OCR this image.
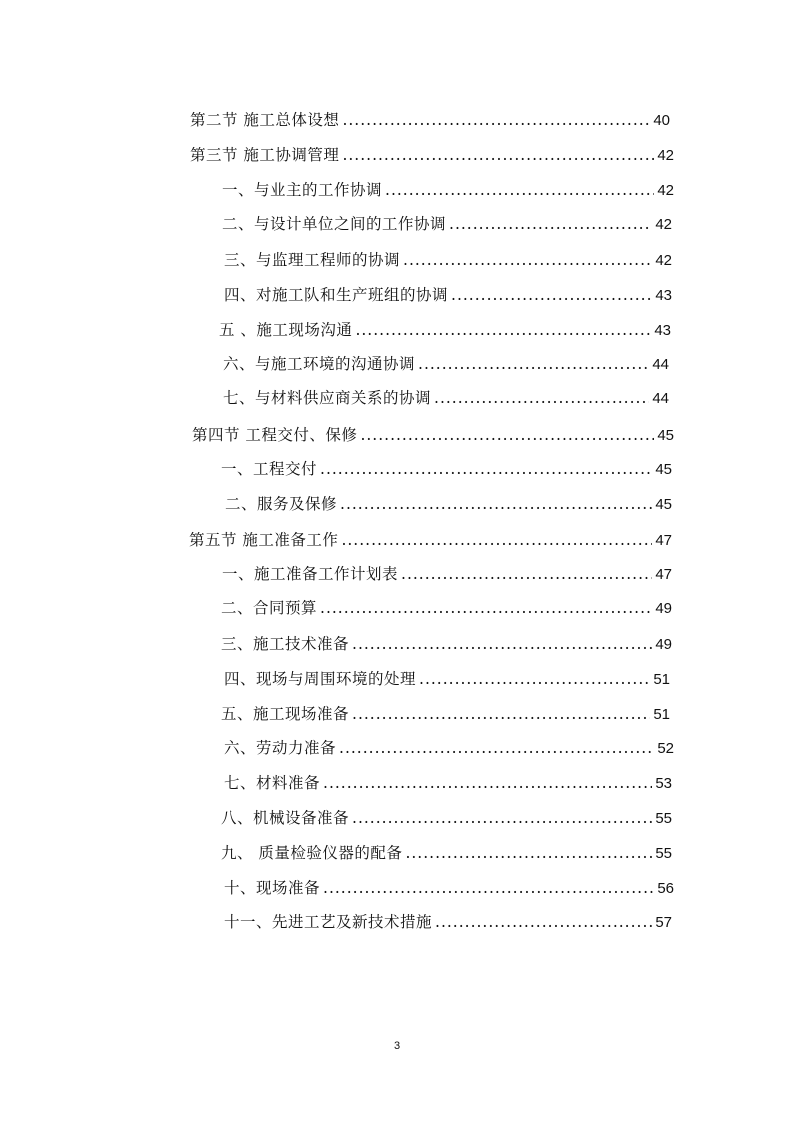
第二节 施工总体设想 .....	40
第三节 施工协调管理 .....	42
一、与业主的工作协调 .....	42
二、与设计单位之间的工作协调 .....	42
三、与监理工程师的协调 .....	42
四、对施工队和生产班组的协调 .....	43
五 、施工现场沟通 .....	43
六、与施工环境的沟通协调 .....	44
七、与材料供应商关系的协调 .....	44
第四节 工程交付、保修 .....	45
一、工程交付 .....	45
二、服务及保修 .....	45
第五节 施工准备工作 .....	47
一、施工准备工作计划表 .....	47
二、合同预算 .....	49
三、施工技术准备 .....	49
四、现场与周围环境的处理 .....	51
五、施工现场准备 .....	51
六、劳动力准备 .....	52
七、材料准备 .....	53
八、机械设备准备 .....	55
九、 质量检验仪器的配备 .....	55
十、现场准备 .....	56
十一、先进工艺及新技术措施 .....	57
3
